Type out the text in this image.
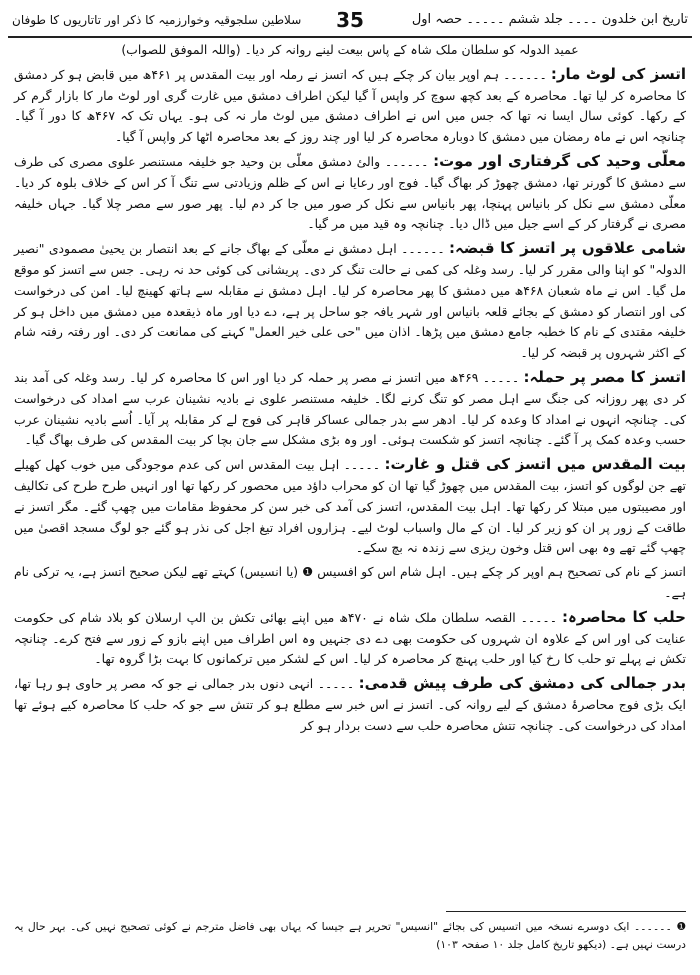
تاریخ ابن خلدون ۔۔۔۔ جلد ششم ۔۔۔۔۔ حصہ اول
35
سلاطین سلجوقیہ وخوارزمیہ کا ذکر اور تاتاریوں کا طوفان

عمید الدولہ کو سلطان ملک شاہ کے پاس بیعت لینے روانہ کر دیا۔ (واللہ الموفق للصواب)

اتسز کی لوٹ مار: ۔۔۔۔۔۔ ہم اوپر بیان کر چکے ہیں کہ اتسز نے رملہ اور بیت المقدس پر ۴۶۱ھ میں قابض ہو کر دمشق کا محاصرہ کر لیا تھا۔ محاصرہ کے بعد کچھ سوچ کر واپس آ گیا لیکن اطراف دمشق میں غارت گری اور لوٹ مار کا بازار گرم کر کے رکھا۔ کوئی سال ایسا نہ تھا کہ جس میں اس نے اطراف دمشق میں لوٹ مار نہ کی ہو۔ یہاں تک کہ ۴۶۷ھ کا دور آ گیا۔ چنانچہ اس نے ماہ رمضان میں دمشق کا دوبارہ محاصرہ کر لیا اور چند روز کے بعد محاصرہ اٹھا کر واپس آ گیا۔

معلّی وحید کی گرفتاری اور موت: ۔۔۔۔۔۔ والئ دمشق معلّی بن وحید جو خلیفہ مستنصر علوی مصری کی طرف سے دمشق کا گورنر تھا، دمشق چھوڑ کر بھاگ گیا۔ فوج اور رعایا نے اس کے ظلم وزیادتی سے تنگ آ کر اس کے خلاف بلوہ کر دیا۔ معلّی دمشق سے نکل کر بانیاس پہنچا، پھر بانیاس سے نکل کر صور میں جا کر دم لیا۔ پھر صور سے مصر چلا گیا۔ جہاں خلیفہ مصری نے گرفتار کر کے اسے جیل میں ڈال دیا۔ چنانچہ وہ قید میں مر گیا۔

شامی علاقوں پر اتسز کا قبضہ: ۔۔۔۔۔۔ اہل دمشق نے معلّی کے بھاگ جانے کے بعد انتصار بن یحییٰ مصمودی "نصیر الدولہ" کو اپنا والی مقرر کر لیا۔ رسد وغلہ کی کمی نے حالت تنگ کر دی۔ پریشانی کی کوئی حد نہ رہی۔ جس سے اتسز کو موقع مل گیا۔ اس نے ماہ شعبان ۴۶۸ھ میں دمشق کا پھر محاصرہ کر لیا۔ اہل دمشق نے مقابلہ سے ہاتھ کھینچ لیا۔ امن کی درخواست کی اور انتصار کو دمشق کے بجائے قلعہ بانیاس اور شہر یافہ جو ساحل پر ہے، دے دیا اور ماہ ذیقعدہ میں دمشق میں داخل ہو کر خلیفہ مقتدی کے نام کا خطبہ جامع دمشق میں پڑھا۔ اذان میں "حی علی خیر العمل" کہنے کی ممانعت کر دی۔ اور رفتہ رفتہ شام کے اکثر شہروں پر قبضہ کر لیا۔

اتسز کا مصر پر حملہ: ۔۔۔۔۔ ۴۶۹ھ میں اتسز نے مصر پر حملہ کر دیا اور اس کا محاصرہ کر لیا۔ رسد وغلہ کی آمد بند کر دی پھر روزانہ کی جنگ سے اہل مصر کو تنگ کرنے لگا۔ خلیفہ مستنصر علوی نے بادیہ نشینان عرب سے امداد کی درخواست کی۔ چنانچہ انہوں نے امداد کا وعدہ کر لیا۔ ادھر سے بدر جمالی عساکر قاہر کی فوج لے کر مقابلہ پر آیا۔ اُسے بادیہ نشینان عرب حسب وعدہ کمک پر آ گئے۔ چنانچہ اتسز کو شکست ہوئی۔ اور وہ بڑی مشکل سے جان بچا کر بیت المقدس کی طرف بھاگ گیا۔

بیت المقدس میں اتسز کی قتل و غارت: ۔۔۔۔۔ اہل بیت المقدس اس کی عدم موجودگی میں خوب کھل کھیلے تھے جن لوگوں کو اتسز، بیت المقدس میں چھوڑ گیا تھا ان کو محراب داؤد میں محصور کر رکھا تھا اور انہیں طرح طرح کی تکالیف اور مصیبتوں میں مبتلا کر رکھا تھا۔ اہل بیت المقدس، اتسز کی آمد کی خبر سن کر محفوظ مقامات میں چھپ گئے۔ مگر اتسز نے طاقت کے زور پر ان کو زیر کر لیا۔ ان کے مال واسباب لوٹ لیے۔ ہزاروں افراد تیغ اجل کی نذر ہو گئے جو لوگ مسجد اقصیٰ میں چھپ گئے تھے وہ بھی اس قتل وخون ریزی سے زندہ نہ بچ سکے۔

اتسز کے نام کی تصحیح ہم اوپر کر چکے ہیں۔ اہل شام اس کو افسیس ❶ (یا انسیس) کہتے تھے لیکن صحیح اتسز ہے، یہ ترکی نام ہے۔

حلب کا محاصرہ: ۔۔۔۔۔ القصہ سلطان ملک شاہ نے ۴۷۰ھ میں اپنے بھائی تکش بن الپ ارسلان کو بلاد شام کی حکومت عنایت کی اور اس کے علاوہ ان شہروں کی حکومت بھی دے دی جنہیں وہ اس اطراف میں اپنے بازو کے زور سے فتح کرے۔ چنانچہ تکش نے پہلے تو حلب کا رخ کیا اور حلب پہنچ کر محاصرہ کر لیا۔ اس کے لشکر میں ترکمانوں کا بہت بڑا گروہ تھا۔

بدر جمالی کی دمشق کی طرف پیش قدمی: ۔۔۔۔۔ انہی دنوں بدر جمالی نے جو کہ مصر پر حاوی ہو رہا تھا، ایک بڑی فوج محاصرۂ دمشق کے لیے روانہ کی۔ اتسز نے اس خبر سے مطلع ہو کر تتش سے جو کہ حلب کا محاصرہ کیے ہوئے تھا امداد کی درخواست کی۔ چنانچہ تتش محاصرہ حلب سے دست بردار ہو کر

❶ ۔۔۔۔۔۔ ایک دوسرے نسخہ میں اتسیس کی بجائے "انسیس" تحریر ہے جیسا کہ یہاں بھی فاضل مترجم نے کوئی تصحیح نہیں کی۔ بہر حال یہ درست نہیں ہے۔ (دیکھو تاریخ کامل جلد ۱۰ صفحہ ۱۰۳)
